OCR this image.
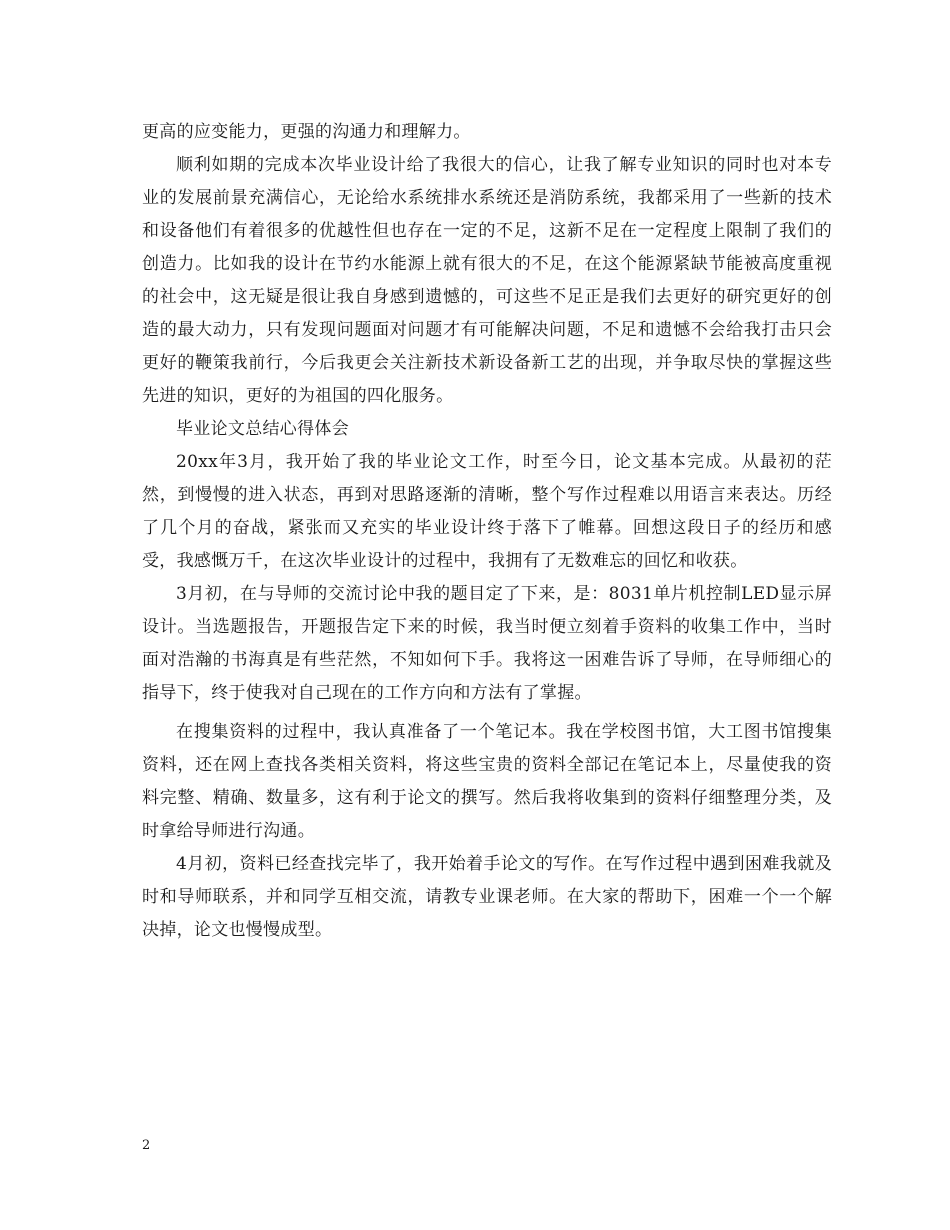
更高的应变能力，更强的沟通力和理解力。

顺利如期的完成本次毕业设计给了我很大的信心，让我了解专业知识的同时也对本专业的发展前景充满信心，无论给水系统排水系统还是消防系统，我都采用了一些新的技术和设备他们有着很多的优越性但也存在一定的不足，这新不足在一定程度上限制了我们的创造力。比如我的设计在节约水能源上就有很大的不足，在这个能源紧缺节能被高度重视的社会中，这无疑是很让我自身感到遗憾的，可这些不足正是我们去更好的研究更好的创造的最大动力，只有发现问题面对问题才有可能解决问题，不足和遗憾不会给我打击只会更好的鞭策我前行，今后我更会关注新技术新设备新工艺的出现，并争取尽快的掌握这些先进的知识，更好的为祖国的四化服务。

毕业论文总结心得体会

20xx年3月，我开始了我的毕业论文工作，时至今日，论文基本完成。从最初的茫然，到慢慢的进入状态，再到对思路逐渐的清晰，整个写作过程难以用语言来表达。历经了几个月的奋战，紧张而又充实的毕业设计终于落下了帷幕。回想这段日子的经历和感受，我感慨万千，在这次毕业设计的过程中，我拥有了无数难忘的回忆和收获。

3月初，在与导师的交流讨论中我的题目定了下来，是：8031单片机控制LED显示屏设计。当选题报告，开题报告定下来的时候，我当时便立刻着手资料的收集工作中，当时面对浩瀚的书海真是有些茫然，不知如何下手。我将这一困难告诉了导师，在导师细心的指导下，终于使我对自己现在的工作方向和方法有了掌握。

在搜集资料的过程中，我认真准备了一个笔记本。我在学校图书馆，大工图书馆搜集资料，还在网上查找各类相关资料，将这些宝贵的资料全部记在笔记本上，尽量使我的资料完整、精确、数量多，这有利于论文的撰写。然后我将收集到的资料仔细整理分类，及时拿给导师进行沟通。

4月初，资料已经查找完毕了，我开始着手论文的写作。在写作过程中遇到困难我就及时和导师联系，并和同学互相交流，请教专业课老师。在大家的帮助下，困难一个一个解决掉，论文也慢慢成型。

2
